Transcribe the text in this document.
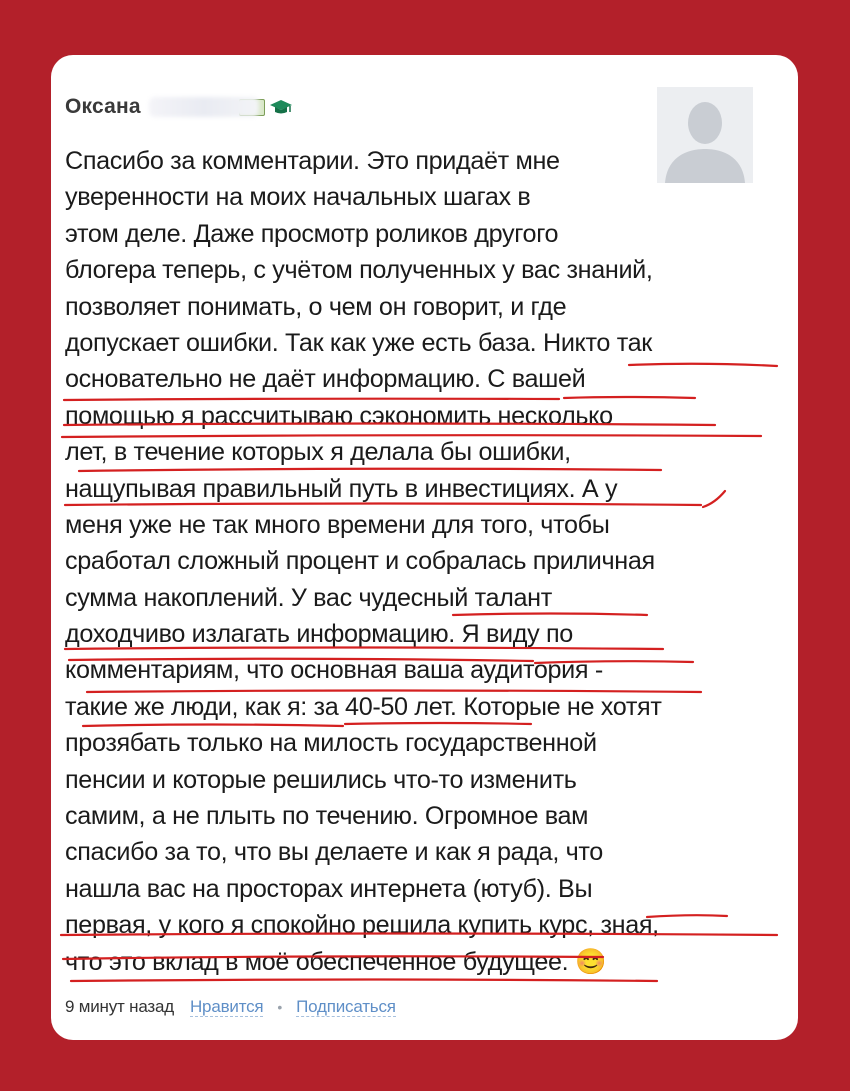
Оксана
Спасибо за комментарии. Это придаёт мне
уверенности на моих начальных шагах в
этом деле. Даже просмотр роликов другого
блогера теперь, с учётом полученных у вас знаний,
позволяет понимать, о чем он говорит, и где
допускает ошибки. Так как уже есть база. Никто так
основательно не даёт информацию. С вашей
помощью я рассчитываю сэкономить несколько
лет, в течение которых я делала бы ошибки,
нащупывая правильный путь в инвестициях. А у
меня уже не так много времени для того, чтобы
сработал сложный процент и собралась приличная
сумма накоплений. У вас чудесный талант
доходчиво излагать информацию. Я виду по
комментариям, что основная ваша аудитория -
такие же люди, как я: за 40-50 лет. Которые не хотят
прозябать только на милость государственной
пенсии и которые решились что-то изменить
самим, а не плыть по течению. Огромное вам
спасибо за то, что вы делаете и как я рада, что
нашла вас на просторах интернета (ютуб). Вы
первая, у кого я спокойно решила купить курс, зная,
что это вклад в моё обеспеченное будущее. 😊
9 минут назад Нравится • Подписаться
